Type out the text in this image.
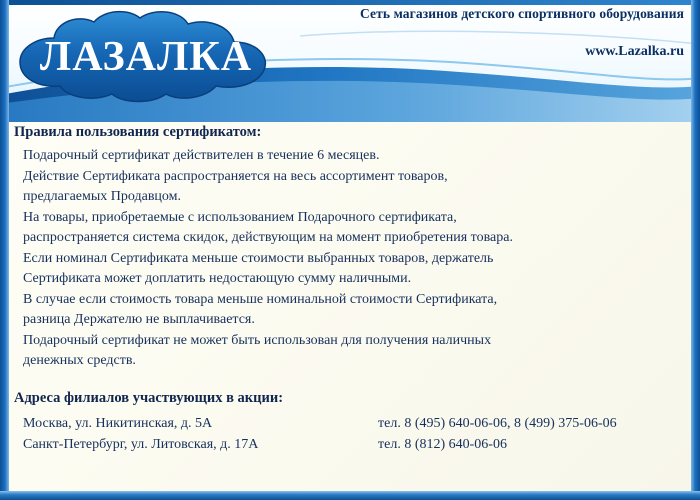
Сеть магазинов детского спортивного оборудования
www.Lazalka.ru
ЛАЗАЛКА
Правила пользования сертификатом:
Подарочный сертификат действителен в течение 6 месяцев.
Действие Сертификата распространяется на весь ассортимент товаров,
предлагаемых Продавцом.
На товары, приобретаемые с использованием Подарочного сертификата,
распространяется система скидок, действующим на момент приобретения товара.
Если номинал Сертификата меньше стоимости выбранных товаров, держатель
Сертификата может доплатить недостающую сумму наличными.
В случае если стоимость товара меньше номинальной стоимости Сертификата,
разница Держателю не выплачивается.
Подарочный сертификат не может быть использован для получения наличных
денежных средств.
Адреса филиалов участвующих в акции:
Москва, ул. Никитинская, д. 5А	тел. 8 (495) 640-06-06, 8 (499) 375-06-06
Санкт-Петербург, ул. Литовская, д. 17А	тел. 8 (812) 640-06-06
